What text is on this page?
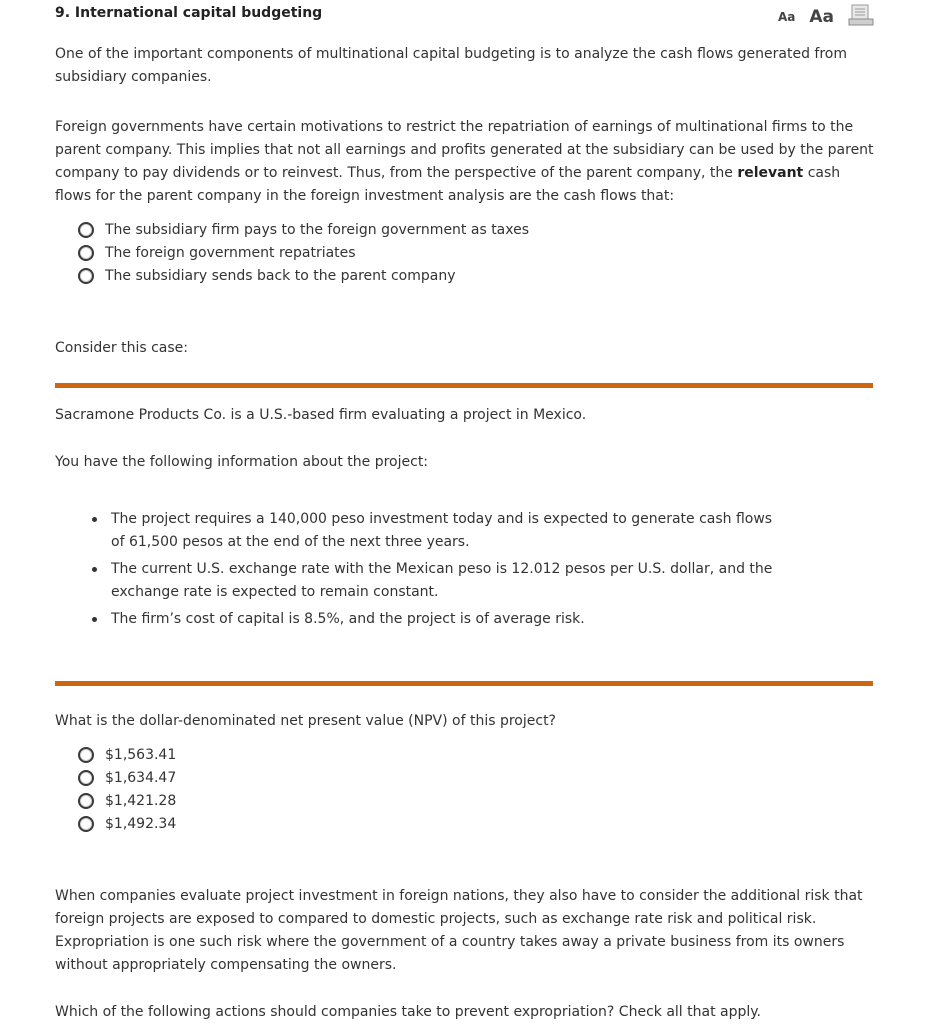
9. International capital budgeting	Aa Aa

One of the important components of multinational capital budgeting is to analyze the cash flows generated from subsidiary companies.

Foreign governments have certain motivations to restrict the repatriation of earnings of multinational firms to the parent company. This implies that not all earnings and profits generated at the subsidiary can be used by the parent company to pay dividends or to reinvest. Thus, from the perspective of the parent company, the relevant cash flows for the parent company in the foreign investment analysis are the cash flows that:

The subsidiary firm pays to the foreign government as taxes
The foreign government repatriates
The subsidiary sends back to the parent company

Consider this case:

Sacramone Products Co. is a U.S.-based firm evaluating a project in Mexico.

You have the following information about the project:

The project requires a 140,000 peso investment today and is expected to generate cash flows of 61,500 pesos at the end of the next three years.
The current U.S. exchange rate with the Mexican peso is 12.012 pesos per U.S. dollar, and the exchange rate is expected to remain constant.
The firm’s cost of capital is 8.5%, and the project is of average risk.

What is the dollar-denominated net present value (NPV) of this project?

$1,563.41
$1,634.47
$1,421.28
$1,492.34

When companies evaluate project investment in foreign nations, they also have to consider the additional risk that foreign projects are exposed to compared to domestic projects, such as exchange rate risk and political risk. Expropriation is one such risk where the government of a country takes away a private business from its owners without appropriately compensating the owners.

Which of the following actions should companies take to prevent expropriation? Check all that apply.
